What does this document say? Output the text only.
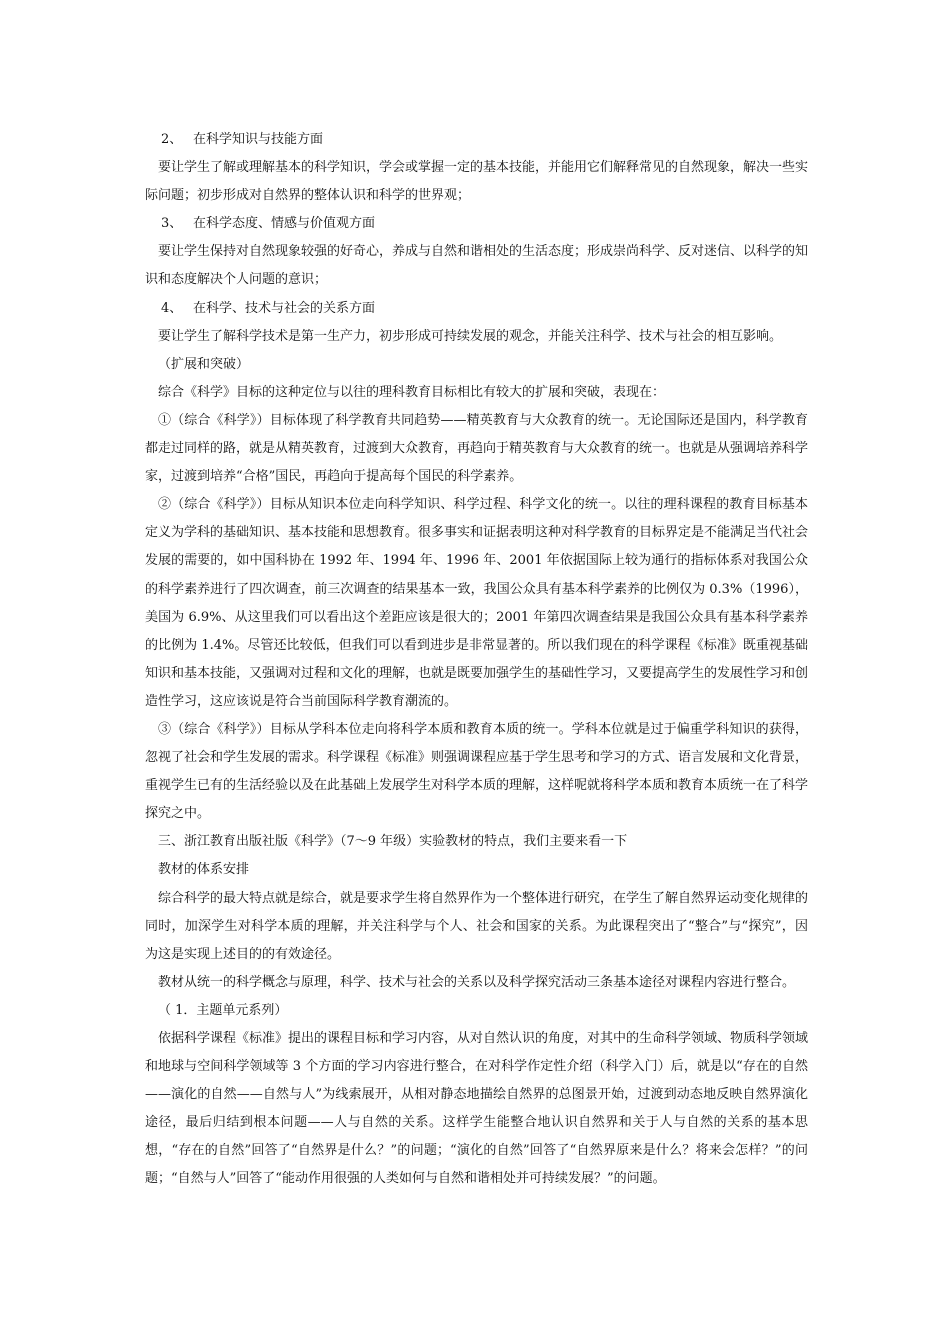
2、 在科学知识与技能方面

要让学生了解或理解基本的科学知识，学会或掌握一定的基本技能，并能用它们解释常见的自然现象，解决一些实际问题；初步形成对自然界的整体认识和科学的世界观；

3、 在科学态度、情感与价值观方面

要让学生保持对自然现象较强的好奇心，养成与自然和谐相处的生活态度；形成崇尚科学、反对迷信、以科学的知识和态度解决个人问题的意识；

4、 在科学、技术与社会的关系方面

要让学生了解科学技术是第一生产力，初步形成可持续发展的观念，并能关注科学、技术与社会的相互影响。

（扩展和突破）

综合《科学》目标的这种定位与以往的理科教育目标相比有较大的扩展和突破，表现在：

①（综合《科学》）目标体现了科学教育共同趋势——精英教育与大众教育的统一。无论国际还是国内，科学教育都走过同样的路，就是从精英教育，过渡到大众教育，再趋向于精英教育与大众教育的统一。也就是从强调培养科学家，过渡到培养“合格”国民，再趋向于提高每个国民的科学素养。

②（综合《科学》）目标从知识本位走向科学知识、科学过程、科学文化的统一。以往的理科课程的教育目标基本定义为学科的基础知识、基本技能和思想教育。很多事实和证据表明这种对科学教育的目标界定是不能满足当代社会发展的需要的，如中国科协在 1992 年、1994 年、1996 年、2001 年依据国际上较为通行的指标体系对我国公众的科学素养进行了四次调查，前三次调查的结果基本一致，我国公众具有基本科学素养的比例仅为 0.3%（1996），美国为 6.9%、从这里我们可以看出这个差距应该是很大的；2001 年第四次调查结果是我国公众具有基本科学素养的比例为 1.4%。尽管还比较低，但我们可以看到进步是非常显著的。所以我们现在的科学课程《标准》既重视基础知识和基本技能，又强调对过程和文化的理解，也就是既要加强学生的基础性学习，又要提高学生的发展性学习和创造性学习，这应该说是符合当前国际科学教育潮流的。

③（综合《科学》）目标从学科本位走向将科学本质和教育本质的统一。学科本位就是过于偏重学科知识的获得，忽视了社会和学生发展的需求。科学课程《标准》则强调课程应基于学生思考和学习的方式、语言发展和文化背景，重视学生已有的生活经验以及在此基础上发展学生对科学本质的理解，这样呢就将科学本质和教育本质统一在了科学探究之中。

三、浙江教育出版社版《科学》（7～9 年级）实验教材的特点，我们主要来看一下

教材的体系安排

综合科学的最大特点就是综合，就是要求学生将自然界作为一个整体进行研究，在学生了解自然界运动变化规律的同时，加深学生对科学本质的理解，并关注科学与个人、社会和国家的关系。为此课程突出了“整合”与“探究”，因为这是实现上述目的的有效途径。

教材从统一的科学概念与原理，科学、技术与社会的关系以及科学探究活动三条基本途径对课程内容进行整合。

（ 1．主题单元系列）

依据科学课程《标准》提出的课程目标和学习内容，从对自然认识的角度，对其中的生命科学领域、物质科学领域和地球与空间科学领域等 3 个方面的学习内容进行整合，在对科学作定性介绍（科学入门）后，就是以“存在的自然——演化的自然——自然与人”为线索展开，从相对静态地描绘自然界的总图景开始，过渡到动态地反映自然界演化途径，最后归结到根本问题——人与自然的关系。这样学生能整合地认识自然界和关于人与自然的关系的基本思想，“存在的自然”回答了“自然界是什么？”的问题；“演化的自然”回答了“自然界原来是什么？将来会怎样？”的问题；“自然与人”回答了“能动作用很强的人类如何与自然和谐相处并可持续发展？”的问题。
